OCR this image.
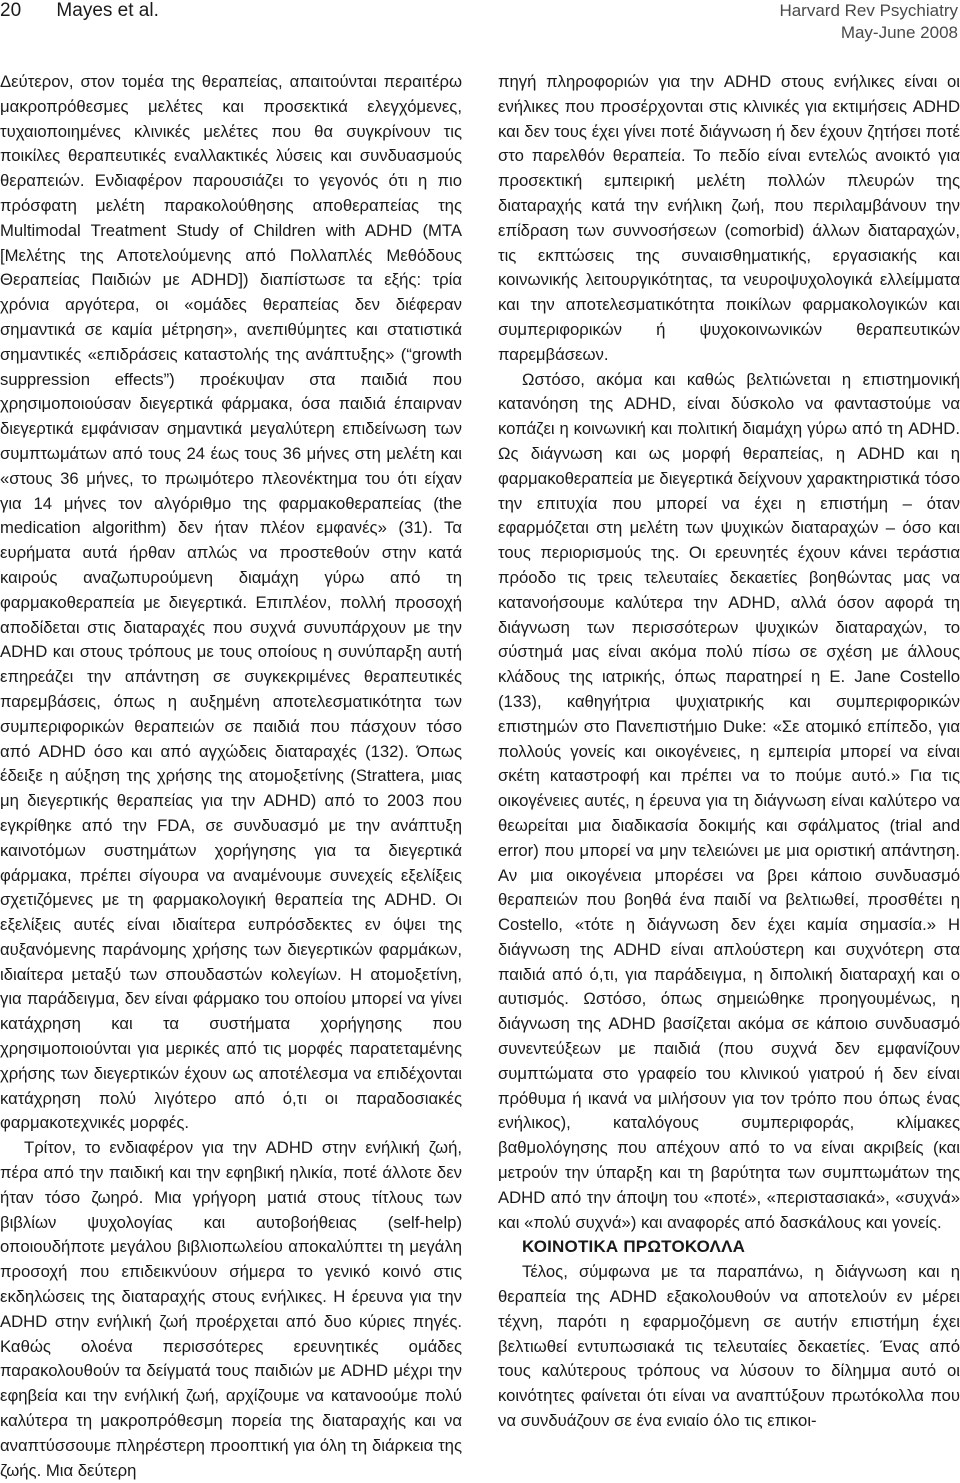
20 Mayes et al.	Harvard Rev Psychiatry
May-June 2008

Δεύτερον, στον τομέα της θεραπείας, απαιτούνται περαιτέρω μακροπρόθεσμες μελέτες και προσεκτικά ελεγχόμενες, τυχαιοποιημένες κλινικές μελέτες που θα συγκρίνουν τις ποικίλες θεραπευτικές εναλλακτικές λύσεις και συνδυασμούς θεραπειών. Ενδιαφέρον παρουσιάζει το γεγονός ότι η πιο πρόσφατη μελέτη παρακολούθησης αποθεραπείας της Multimodal Treatment Study of Children with ADHD (MTA [Μελέτης της Αποτελούμενης από Πολλαπλές Μεθόδους Θεραπείας Παιδιών με ADHD]) διαπίστωσε τα εξής: τρία χρόνια αργότερα, οι «ομάδες θεραπείας δεν διέφεραν σημαντικά σε καμία μέτρηση», ανεπιθύμητες και στατιστικά σημαντικές «επιδράσεις καταστολής της ανάπτυξης» (“growth suppression effects”) προέκυψαν στα παιδιά που χρησιμοποιούσαν διεγερτικά φάρμακα, όσα παιδιά έπαιρναν διεγερτικά εμφάνισαν σημαντικά μεγαλύτερη επιδείνωση των συμπτωμάτων από τους 24 έως τους 36 μήνες στη μελέτη και «στους 36 μήνες, το πρωιμότερο πλεονέκτημα του ότι είχαν για 14 μήνες τον αλγόριθμο της φαρμακοθεραπείας (the medication algorithm) δεν ήταν πλέον εμφανές» (31). Τα ευρήματα αυτά ήρθαν απλώς να προστεθούν στην κατά καιρούς αναζωπυρούμενη διαμάχη γύρω από τη φαρμακοθεραπεία με διεγερτικά. Επιπλέον, πολλή προσοχή αποδίδεται στις διαταραχές που συχνά συνυπάρχουν με την ADHD και στους τρόπους με τους οποίους η συνύπαρξη αυτή επηρεάζει την απάντηση σε συγκεκριμένες θεραπευτικές παρεμβάσεις, όπως η αυξημένη αποτελεσματικότητα των συμπεριφορικών θεραπειών σε παιδιά που πάσχουν τόσο από ADHD όσο και από αγχώδεις διαταραχές (132). Όπως έδειξε η αύξηση της χρήσης της ατομοξετίνης (Strattera, μιας μη διεγερτικής θεραπείας για την ADHD) από το 2003 που εγκρίθηκε από την FDA, σε συνδυασμό με την ανάπτυξη καινοτόμων συστημάτων χορήγησης για τα διεγερτικά φάρμακα, πρέπει σίγουρα να αναμένουμε συνεχείς εξελίξεις σχετιζόμενες με τη φαρμακολογική θεραπεία της ADHD. Οι εξελίξεις αυτές είναι ιδιαίτερα ευπρόσδεκτες εν όψει της αυξανόμενης παράνομης χρήσης των διεγερτικών φαρμάκων, ιδιαίτερα μεταξύ των σπουδαστών κολεγίων. Η ατομοξετίνη, για παράδειγμα, δεν είναι φάρμακο του οποίου μπορεί να γίνει κατάχρηση και τα συστήματα χορήγησης που χρησιμοποιούνται για μερικές από τις μορφές παρατεταμένης χρήσης των διεγερτικών έχουν ως αποτέλεσμα να επιδέχονται κατάχρηση πολύ λιγότερο από ό,τι οι παραδοσιακές φαρμακοτεχνικές μορφές.

Τρίτον, το ενδιαφέρον για την ADHD στην ενήλική ζωή, πέρα από την παιδική και την εφηβική ηλικία, ποτέ άλλοτε δεν ήταν τόσο ζωηρό. Μια γρήγορη ματιά στους τίτλους των βιβλίων ψυχολογίας και αυτοβοήθειας (self-help) οποιουδήποτε μεγάλου βιβλιοπωλείου αποκαλύπτει τη μεγάλη προσοχή που επιδεικνύουν σήμερα το γενικό κοινό στις εκδηλώσεις της διαταραχής στους ενήλικες. Η έρευνα για την ADHD στην ενήλική ζωή προέρχεται από δυο κύριες πηγές. Καθώς ολοένα περισσότερες ερευνητικές ομάδες παρακολουθούν τα δείγματά τους παιδιών με ADHD μέχρι την εφηβεία και την ενήλική ζωή, αρχίζουμε να κατανοούμε πολύ καλύτερα τη μακροπρόθεσμη πορεία της διαταραχής και να αναπτύσσουμε πληρέστερη προοπτική για όλη τη διάρκεια της ζωής. Μια δεύτερη

πηγή πληροφοριών για την ADHD στους ενήλικες είναι οι ενήλικες που προσέρχονται στις κλινικές για εκτιμήσεις ADHD και δεν τους έχει γίνει ποτέ διάγνωση ή δεν έχουν ζητήσει ποτέ στο παρελθόν θεραπεία. Το πεδίο είναι εντελώς ανοικτό για προσεκτική εμπειρική μελέτη πολλών πλευρών της διαταραχής κατά την ενήλικη ζωή, που περιλαμβάνουν την επίδραση των συννοσήσεων (comorbid) άλλων διαταραχών, τις εκπτώσεις της συναισθηματικής, εργασιακής και κοινωνικής λειτουργικότητας, τα νευροψυχολογικά ελλείμματα και την αποτελεσματικότητα ποικίλων φαρμακολογικών και συμπεριφορικών ή ψυχοκοινωνικών θεραπευτικών παρεμβάσεων.

Ωστόσο, ακόμα και καθώς βελτιώνεται η επιστημονική κατανόηση της ADHD, είναι δύσκολο να φανταστούμε να κοπάζει η κοινωνική και πολιτική διαμάχη γύρω από τη ADHD. Ως διάγνωση και ως μορφή θεραπείας, η ADHD και η φαρμακοθεραπεία με διεγερτικά δείχνουν χαρακτηριστικά τόσο την επιτυχία που μπορεί να έχει η επιστήμη – όταν εφαρμόζεται στη μελέτη των ψυχικών διαταραχών – όσο και τους περιορισμούς της. Οι ερευνητές έχουν κάνει τεράστια πρόοδο τις τρεις τελευταίες δεκαετίες βοηθώντας μας να κατανοήσουμε καλύτερα την ADHD, αλλά όσον αφορά τη διάγνωση των περισσότερων ψυχικών διαταραχών, το σύστημά μας είναι ακόμα πολύ πίσω σε σχέση με άλλους κλάδους της ιατρικής, όπως παρατηρεί η E. Jane Costello (133), καθηγήτρια ψυχιατρικής και συμπεριφορικών επιστημών στο Πανεπιστήμιο Duke: «Σε ατομικό επίπεδο, για πολλούς γονείς και οικογένειες, η εμπειρία μπορεί να είναι σκέτη καταστροφή και πρέπει να το πούμε αυτό.» Για τις οικογένειες αυτές, η έρευνα για τη διάγνωση είναι καλύτερο να θεωρείται μια διαδικασία δοκιμής και σφάλματος (trial and error) που μπορεί να μην τελειώνει με μια οριστική απάντηση. Αν μια οικογένεια μπορέσει να βρει κάποιο συνδυασμό θεραπειών που βοηθά ένα παιδί να βελτιωθεί, προσθέτει η Costello, «τότε η διάγνωση δεν έχει καμία σημασία.» Η διάγνωση της ADHD είναι απλούστερη και συχνότερη στα παιδιά από ό,τι, για παράδειγμα, η διπολική διαταραχή και ο αυτισμός. Ωστόσο, όπως σημειώθηκε προηγουμένως, η διάγνωση της ADHD βασίζεται ακόμα σε κάποιο συνδυασμό συνεντεύξεων με παιδιά (που συχνά δεν εμφανίζουν συμπτώματα στο γραφείο του κλινικού γιατρού ή δεν είναι πρόθυμα ή ικανά να μιλήσουν για τον τρόπο που όπως ένας ενήλικος), καταλόγους συμπεριφοράς, κλίμακες βαθμολόγησης που απέχουν από το να είναι ακριβείς (και μετρούν την ύπαρξη και τη βαρύτητα των συμπτωμάτων της ADHD από την άποψη του «ποτέ», «περιστασιακά», «συχνά» και «πολύ συχνά») και αναφορές από δασκάλους και γονείς.

ΚΟΙΝΟΤΙΚΑ ΠΡΩΤΟΚΟΛΛΑ

Τέλος, σύμφωνα με τα παραπάνω, η διάγνωση και η θεραπεία της ADHD εξακολουθούν να αποτελούν εν μέρει τέχνη, παρότι η εφαρμοζόμενη σε αυτήν επιστήμη έχει βελτιωθεί εντυπωσιακά τις τελευταίες δεκαετίες. Ένας από τους καλύτερους τρόπους να λύσουν το δίλημμα αυτό οι κοινότητες φαίνεται ότι είναι να αναπτύξουν πρωτόκολλα που να συνδυάζουν σε ένα ενιαίο όλο τις επικοι-
